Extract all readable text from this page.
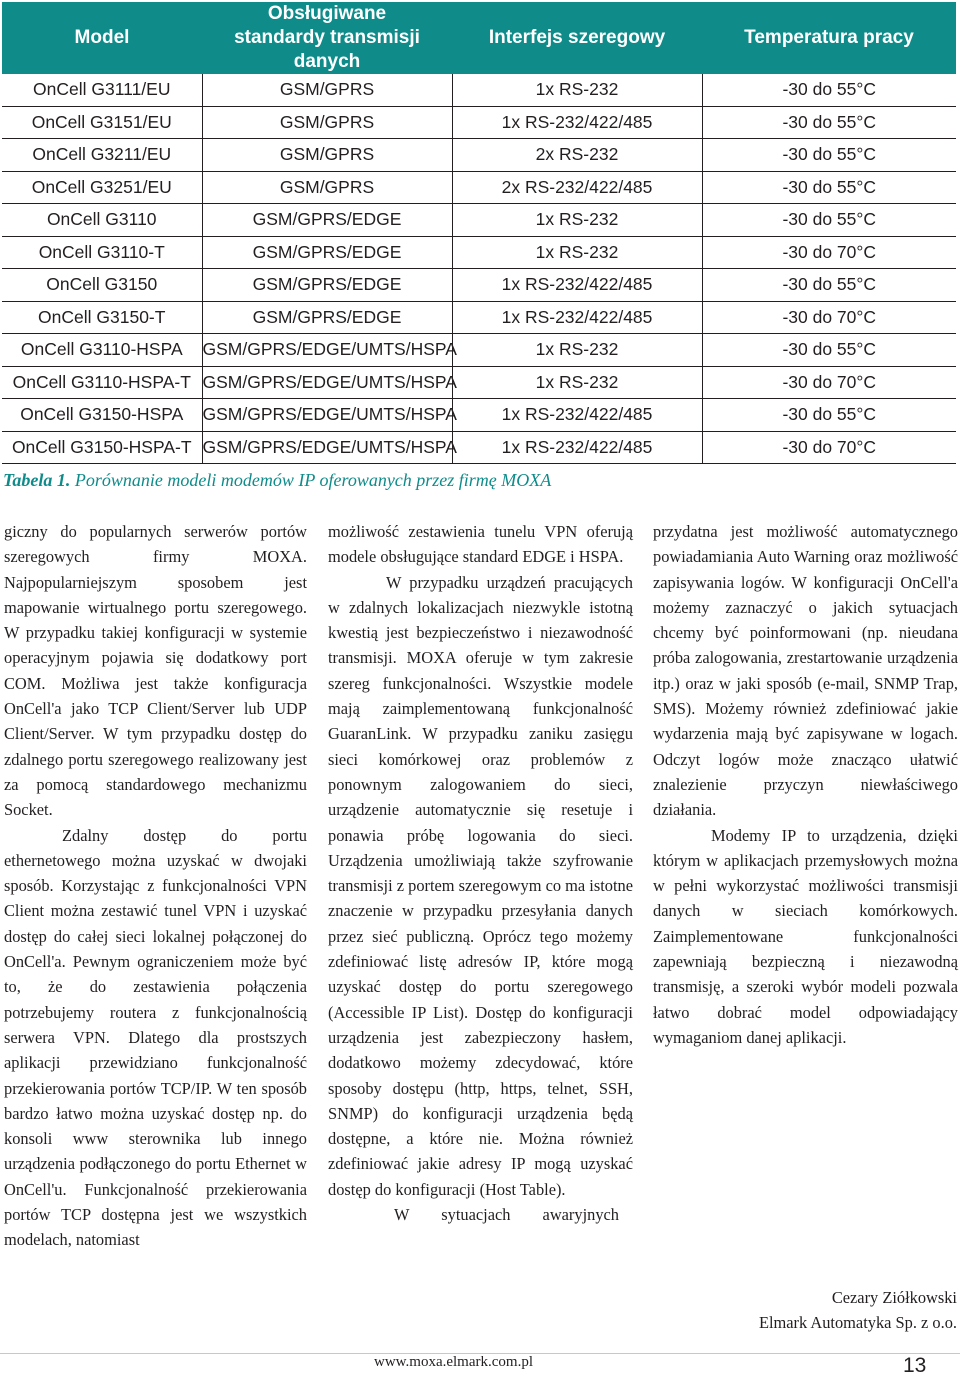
Model	Obsługiwane standardy transmisji danych	Interfejs szeregowy	Temperatura pracy
OnCell G3111/EU	GSM/GPRS	1x RS-232	-30 do 55°C
OnCell G3151/EU	GSM/GPRS	1x RS-232/422/485	-30 do 55°C
OnCell G3211/EU	GSM/GPRS	2x RS-232	-30 do 55°C
OnCell G3251/EU	GSM/GPRS	2x RS-232/422/485	-30 do 55°C
OnCell G3110	GSM/GPRS/EDGE	1x RS-232	-30 do 55°C
OnCell G3110-T	GSM/GPRS/EDGE	1x RS-232	-30 do 70°C
OnCell G3150	GSM/GPRS/EDGE	1x RS-232/422/485	-30 do 55°C
OnCell G3150-T	GSM/GPRS/EDGE	1x RS-232/422/485	-30 do 70°C
OnCell G3110-HSPA	GSM/GPRS/EDGE/UMTS/HSPA	1x RS-232	-30 do 55°C
OnCell G3110-HSPA-T	GSM/GPRS/EDGE/UMTS/HSPA	1x RS-232	-30 do 70°C
OnCell G3150-HSPA	GSM/GPRS/EDGE/UMTS/HSPA	1x RS-232/422/485	-30 do 55°C
OnCell G3150-HSPA-T	GSM/GPRS/EDGE/UMTS/HSPA	1x RS-232/422/485	-30 do 70°C
Tabela 1. Porównanie modeli modemów IP oferowanych przez firmę MOXA

giczny do popularnych serwerów portów szeregowych firmy MOXA. Najpopularniejszym sposobem jest mapowanie wirtualnego portu szeregowego. W przypadku takiej konfiguracji w systemie operacyjnym pojawia się dodatkowy port COM. Możliwa jest także konfiguracja OnCell'a jako TCP Client/Server lub UDP Client/Server. W tym przypadku dostęp do zdalnego portu szeregowego realizowany jest za pomocą standardowego mechanizmu Socket.

Zdalny dostęp do portu ethernetowego można uzyskać w dwojaki sposób. Korzystając z funkcjonalności VPN Client można zestawić tunel VPN i uzyskać dostęp do całej sieci lokalnej połączonej do OnCell'a. Pewnym ograniczeniem może być to, że do zestawienia połączenia potrzebujemy routera z funkcjonalnością serwera VPN. Dlatego dla prostszych aplikacji przewidziano funkcjonalność przekierowania portów TCP/IP. W ten sposób bardzo łatwo można uzyskać dostęp np. do konsoli www sterownika lub innego urządzenia podłączonego do portu Ethernet w OnCell'u. Funkcjonalność przekierowania portów TCP dostępna jest we wszystkich modelach, natomiast

możliwość zestawienia tunelu VPN oferują modele obsługujące standard EDGE i HSPA.

W przypadku urządzeń pracujących w zdalnych lokalizacjach niezwykle istotną kwestią jest bezpieczeństwo i niezawodność transmisji. MOXA oferuje w tym zakresie szereg funkcjonalności. Wszystkie modele mają zaimplementowaną funkcjonalność GuaranLink. W przypadku zaniku zasięgu sieci komórkowej oraz problemów z ponownym zalogowaniem do sieci, urządzenie automatycznie się resetuje i ponawia próbę logowania do sieci. Urządzenia umożliwiają także szyfrowanie transmisji z portem szeregowym co ma istotne znaczenie w przypadku przesyłania danych przez sieć publiczną. Oprócz tego możemy zdefiniować listę adresów IP, które mogą uzyskać dostęp do portu szeregowego (Accessible IP List). Dostęp do konfiguracji urządzenia jest zabezpieczony hasłem, dodatkowo możemy zdecydować, które sposoby dostępu (http, https, telnet, SSH, SNMP) do konfiguracji urządzenia będą dostępne, a które nie. Można również zdefiniować jakie adresy IP mogą uzyskać dostęp do konfiguracji (Host Table).

W sytuacjach awaryjnych

przydatna jest możliwość automatycznego powiadamiania Auto Warning oraz możliwość zapisywania logów. W konfiguracji OnCell'a możemy zaznaczyć o jakich sytuacjach chcemy być poinformowani (np. nieudana próba zalogowania, zrestartowanie urządzenia itp.) oraz w jaki sposób (e-mail, SNMP Trap, SMS). Możemy również zdefiniować jakie wydarzenia mają być zapisywane w logach. Odczyt logów może znacząco ułatwić znalezienie przyczyn niewłaściwego działania.

Modemy IP to urządzenia, dzięki którym w aplikacjach przemysłowych można w pełni wykorzystać możliwości transmisji danych w sieciach komórkowych. Zaimplementowane funkcjonalności zapewniają bezpieczną i niezawodną transmisję, a szeroki wybór modeli pozwala łatwo dobrać model odpowiadający wymaganiom danej aplikacji.

Cezary Ziółkowski
Elmark Automatyka Sp. z o.o.
www.moxa.elmark.com.pl	13
